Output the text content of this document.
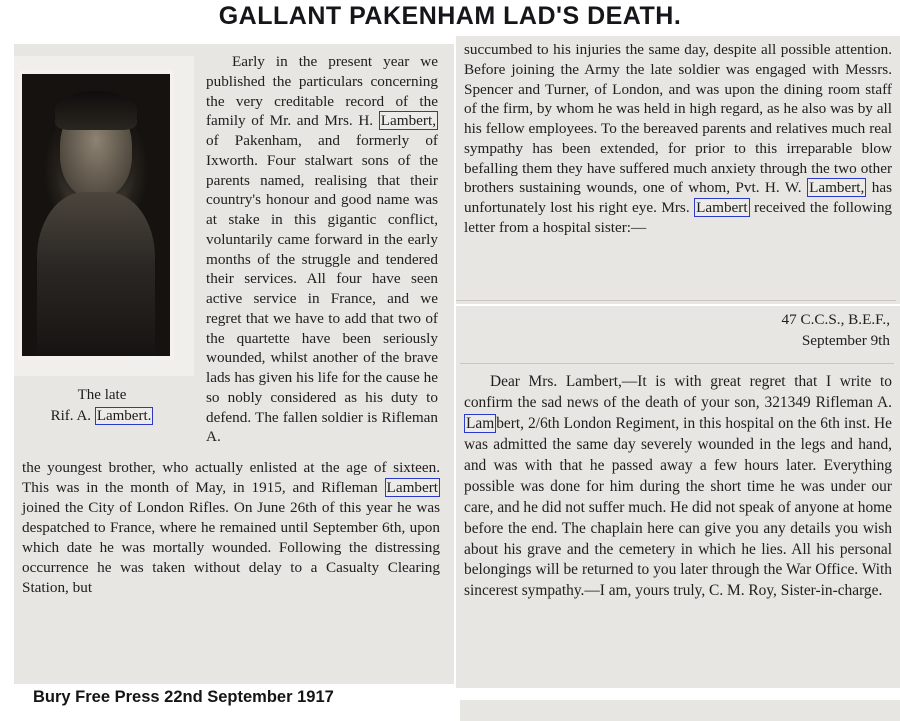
GALLANT PAKENHAM LAD'S DEATH.
The late
Rif. A. Lambert.

Early in the present year we published the particulars concerning the very creditable record of the family of Mr. and Mrs. H. Lambert, of Pakenham, and formerly of Ixworth. Four stalwart sons of the parents named, realising that their country's honour and good name was at stake in this gigantic conflict, voluntarily came forward in the early months of the struggle and tendered their services. All four have seen active service in France, and we regret that we have to add that two of the quartette have been seriously wounded, whilst another of the brave lads has given his life for the cause he so nobly considered as his duty to defend. The fallen soldier is Rifleman A.

the youngest brother, who actually enlisted at the age of sixteen. This was in the month of May, in 1915, and Rifleman Lambert joined the City of London Rifles. On June 26th of this year he was despatched to France, where he remained until September 6th, upon which date he was mortally wounded. Following the distressing occurrence he was taken without delay to a Casualty Clearing Station, but

succumbed to his injuries the same day, despite all possible attention. Before joining the Army the late soldier was engaged with Messrs. Spencer and Turner, of London, and was upon the dining room staff of the firm, by whom he was held in high regard, as he also was by all his fellow employees. To the bereaved parents and relatives much real sympathy has been extended, for prior to this irreparable blow befalling them they have suffered much anxiety through the two other brothers sustaining wounds, one of whom, Pvt. H. W. Lambert, has unfortunately lost his right eye. Mrs. Lambert received the following letter from a hospital sister:—

47 C.C.S., B.E.F.,
September 9th

Dear Mrs. Lambert,—It is with great regret that I write to confirm the sad news of the death of your son, 321349 Rifleman A. Lam bert, 2/6th London Regiment, in this hospital on the 6th inst. He was admitted the same day severely wounded in the legs and hand, and was with that he passed away a few hours later. Everything possible was done for him during the short time he was under our care, and he did not suffer much. He did not speak of anyone at home before the end. The chaplain here can give you any details you wish about his grave and the cemetery in which he lies. All his personal belongings will be returned to you later through the War Office. With sincerest sympathy.—I am, yours truly, C. M. Roy, Sister-in-charge.

Bury Free Press 22nd September 1917
